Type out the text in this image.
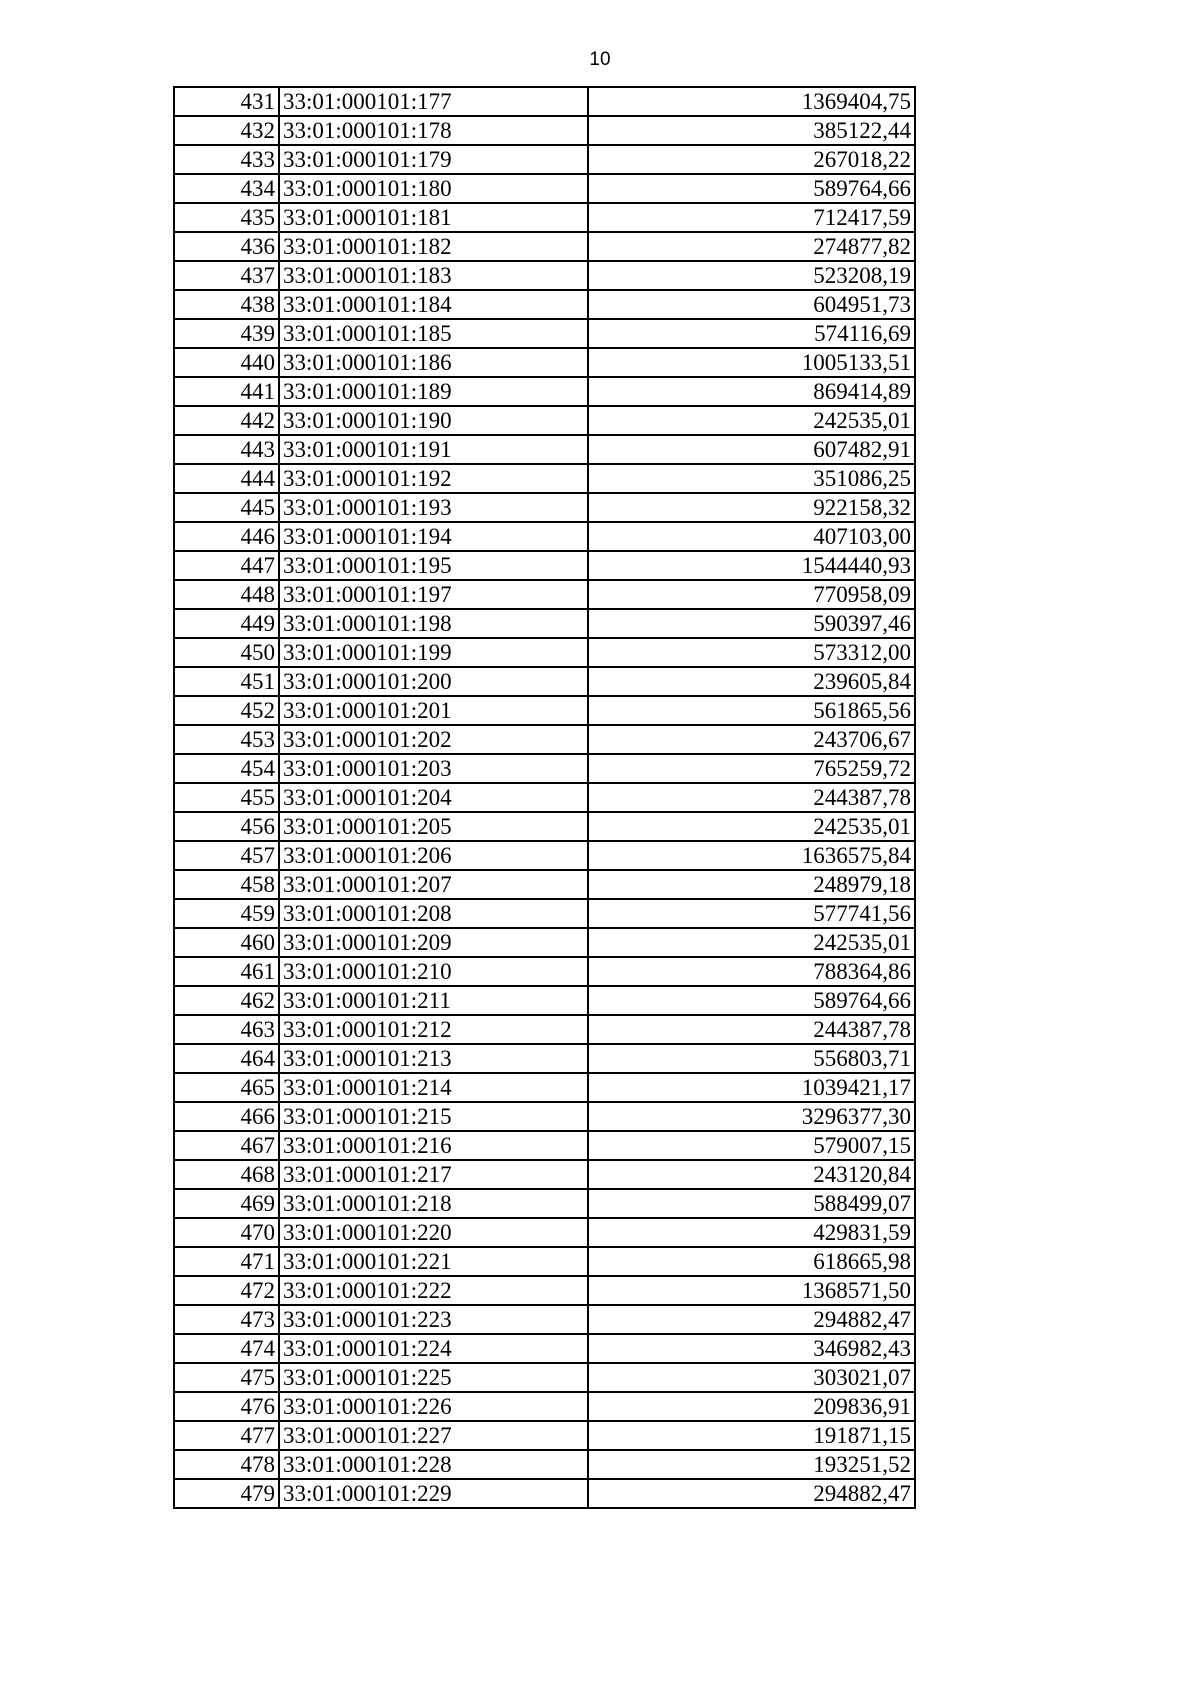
10
431	33:01:000101:177	1369404,75
432	33:01:000101:178	385122,44
433	33:01:000101:179	267018,22
434	33:01:000101:180	589764,66
435	33:01:000101:181	712417,59
436	33:01:000101:182	274877,82
437	33:01:000101:183	523208,19
438	33:01:000101:184	604951,73
439	33:01:000101:185	574116,69
440	33:01:000101:186	1005133,51
441	33:01:000101:189	869414,89
442	33:01:000101:190	242535,01
443	33:01:000101:191	607482,91
444	33:01:000101:192	351086,25
445	33:01:000101:193	922158,32
446	33:01:000101:194	407103,00
447	33:01:000101:195	1544440,93
448	33:01:000101:197	770958,09
449	33:01:000101:198	590397,46
450	33:01:000101:199	573312,00
451	33:01:000101:200	239605,84
452	33:01:000101:201	561865,56
453	33:01:000101:202	243706,67
454	33:01:000101:203	765259,72
455	33:01:000101:204	244387,78
456	33:01:000101:205	242535,01
457	33:01:000101:206	1636575,84
458	33:01:000101:207	248979,18
459	33:01:000101:208	577741,56
460	33:01:000101:209	242535,01
461	33:01:000101:210	788364,86
462	33:01:000101:211	589764,66
463	33:01:000101:212	244387,78
464	33:01:000101:213	556803,71
465	33:01:000101:214	1039421,17
466	33:01:000101:215	3296377,30
467	33:01:000101:216	579007,15
468	33:01:000101:217	243120,84
469	33:01:000101:218	588499,07
470	33:01:000101:220	429831,59
471	33:01:000101:221	618665,98
472	33:01:000101:222	1368571,50
473	33:01:000101:223	294882,47
474	33:01:000101:224	346982,43
475	33:01:000101:225	303021,07
476	33:01:000101:226	209836,91
477	33:01:000101:227	191871,15
478	33:01:000101:228	193251,52
479	33:01:000101:229	294882,47
